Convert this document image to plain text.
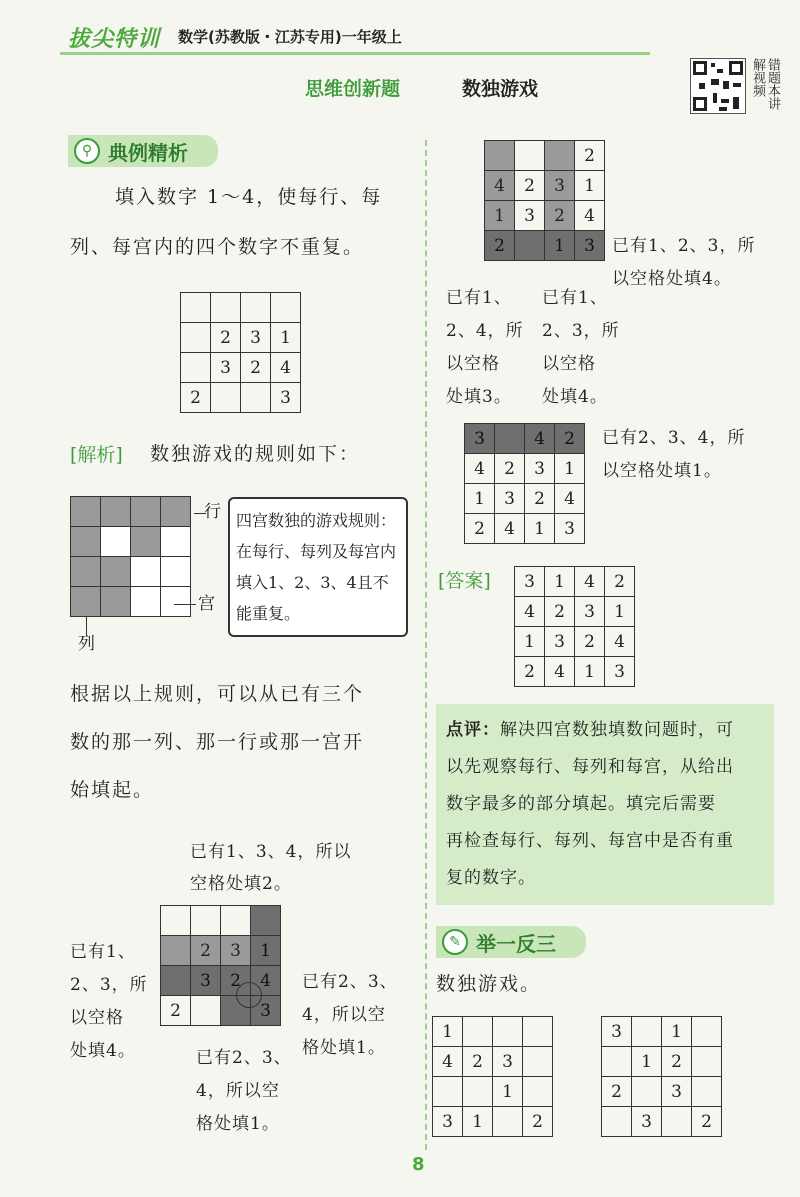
拔尖特训 数学(苏教版・江苏专用)一年级上
思维创新题	数独游戏	错题本讲解视频
⚲ 典例精析
填入数字 1～4，使每行、每
列、每宫内的四个数字不重复。

	2	3	1
	3	2	4
2			3
[解析] 数独游戏的规则如下：

行
宫
列
四宫数独的游戏规则：在每行、每列及每宫内填入1、2、3、4且不能重复。
根据以上规则，可以从已有三个
数的那一列、那一行或那一宫开
始填起。
已有1、3、4，所以
空格处填2。

	2	3	1
	3	2	4
2			3
已有1、
2、3，所
以空格
处填4。
已有2、3、
4，所以空
格处填1。
已有2、3、
4，所以空
格处填1。
			2
4	2	3	1
1	3	2	4
2		1	3 已有1、2、3，所
以空格处填4。
已有1、
2、4，所
以空格
处填3。
已有1、
2、3，所
以空格
处填4。
3		4	2
4	2	3	1
1	3	2	4
2	4	1	3
已有2、3、4，所
以空格处填1。
[答案] 3	1	4	2
4	2	3	1
1	3	2	4
2	4	1	3
点评：解决四宫数独填数问题时，可
以先观察每行、每列和每宫，从给出
数字最多的部分填起。填完后需要
再检查每行、每列、每宫中是否有重
复的数字。
✎ 举一反三
数独游戏。
1			
4	2	3	
		1	
3	1		2
3		1	
	1	2	
2		3	
	3		2
8
